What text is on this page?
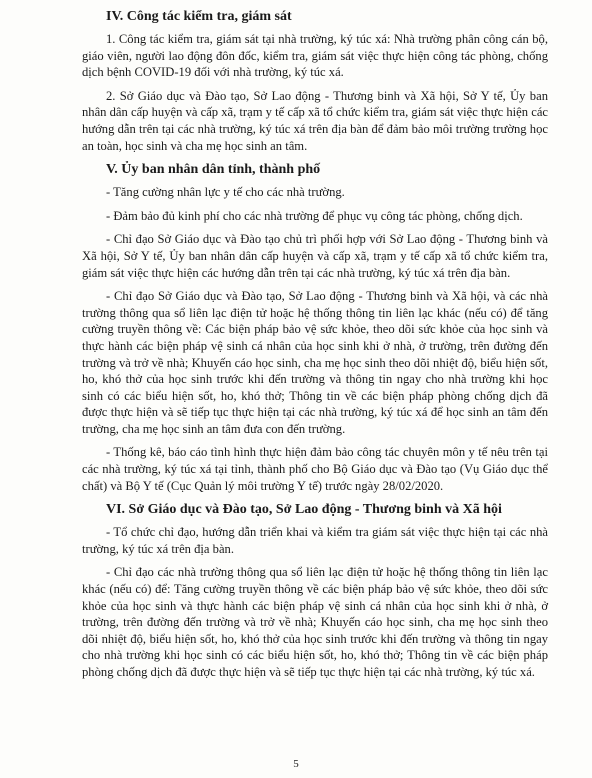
IV. Công tác kiểm tra, giám sát

1. Công tác kiểm tra, giám sát tại nhà trường, ký túc xá: Nhà trường phân công cán bộ, giáo viên, người lao động đôn đốc, kiểm tra, giám sát việc thực hiện công tác phòng, chống dịch bệnh COVID-19 đối với nhà trường, ký túc xá.

2. Sở Giáo dục và Đào tạo, Sở Lao động - Thương binh và Xã hội, Sở Y tế, Ủy ban nhân dân cấp huyện và cấp xã, trạm y tế cấp xã tổ chức kiểm tra, giám sát việc thực hiện các hướng dẫn trên tại các nhà trường, ký túc xá trên địa bàn để đảm bảo môi trường trường học an toàn, học sinh và cha mẹ học sinh an tâm.

V. Ủy ban nhân dân tỉnh, thành phố

- Tăng cường nhân lực y tế cho các nhà trường.

- Đảm bảo đủ kinh phí cho các nhà trường để phục vụ công tác phòng, chống dịch.

- Chỉ đạo Sở Giáo dục và Đào tạo chủ trì phối hợp với Sở Lao động - Thương binh và Xã hội, Sở Y tế, Ủy ban nhân dân cấp huyện và cấp xã, trạm y tế cấp xã tổ chức kiểm tra, giám sát việc thực hiện các hướng dẫn trên tại các nhà trường, ký túc xá trên địa bàn.

- Chỉ đạo Sở Giáo dục và Đào tạo, Sở Lao động - Thương binh và Xã hội, và các nhà trường thông qua sổ liên lạc điện tử hoặc hệ thống thông tin liên lạc khác (nếu có) để tăng cường truyền thông về: Các biện pháp bảo vệ sức khỏe, theo dõi sức khỏe của học sinh và thực hành các biện pháp vệ sinh cá nhân của học sinh khi ở nhà, ở trường, trên đường đến trường và trở về nhà; Khuyến cáo học sinh, cha mẹ học sinh theo dõi nhiệt độ, biểu hiện sốt, ho, khó thở của học sinh trước khi đến trường và thông tin ngay cho nhà trường khi học sinh có các biểu hiện sốt, ho, khó thở; Thông tin về các biện pháp phòng chống dịch đã được thực hiện và sẽ tiếp tục thực hiện tại các nhà trường, ký túc xá để học sinh an tâm đến trường, cha mẹ học sinh an tâm đưa con đến trường.

- Thống kê, báo cáo tình hình thực hiện đảm bảo công tác chuyên môn y tế nêu trên tại các nhà trường, ký túc xá tại tỉnh, thành phố cho Bộ Giáo dục và Đào tạo (Vụ Giáo dục thể chất) và Bộ Y tế (Cục Quản lý môi trường Y tế) trước ngày 28/02/2020.

VI. Sở Giáo dục và Đào tạo, Sở Lao động - Thương binh và Xã hội

- Tổ chức chỉ đạo, hướng dẫn triển khai và kiểm tra giám sát việc thực hiện tại các nhà trường, ký túc xá trên địa bàn.

- Chỉ đạo các nhà trường thông qua sổ liên lạc điện tử hoặc hệ thống thông tin liên lạc khác (nếu có) để: Tăng cường truyền thông về các biện pháp bảo vệ sức khỏe, theo dõi sức khỏe của học sinh và thực hành các biện pháp vệ sinh cá nhân của học sinh khi ở nhà, ở trường, trên đường đến trường và trở về nhà; Khuyến cáo học sinh, cha mẹ học sinh theo dõi nhiệt độ, biểu hiện sốt, ho, khó thở của học sinh trước khi đến trường và thông tin ngay cho nhà trường khi học sinh có các biểu hiện sốt, ho, khó thở; Thông tin về các biện pháp phòng chống dịch đã được thực hiện và sẽ tiếp tục thực hiện tại các nhà trường, ký túc xá.

5
